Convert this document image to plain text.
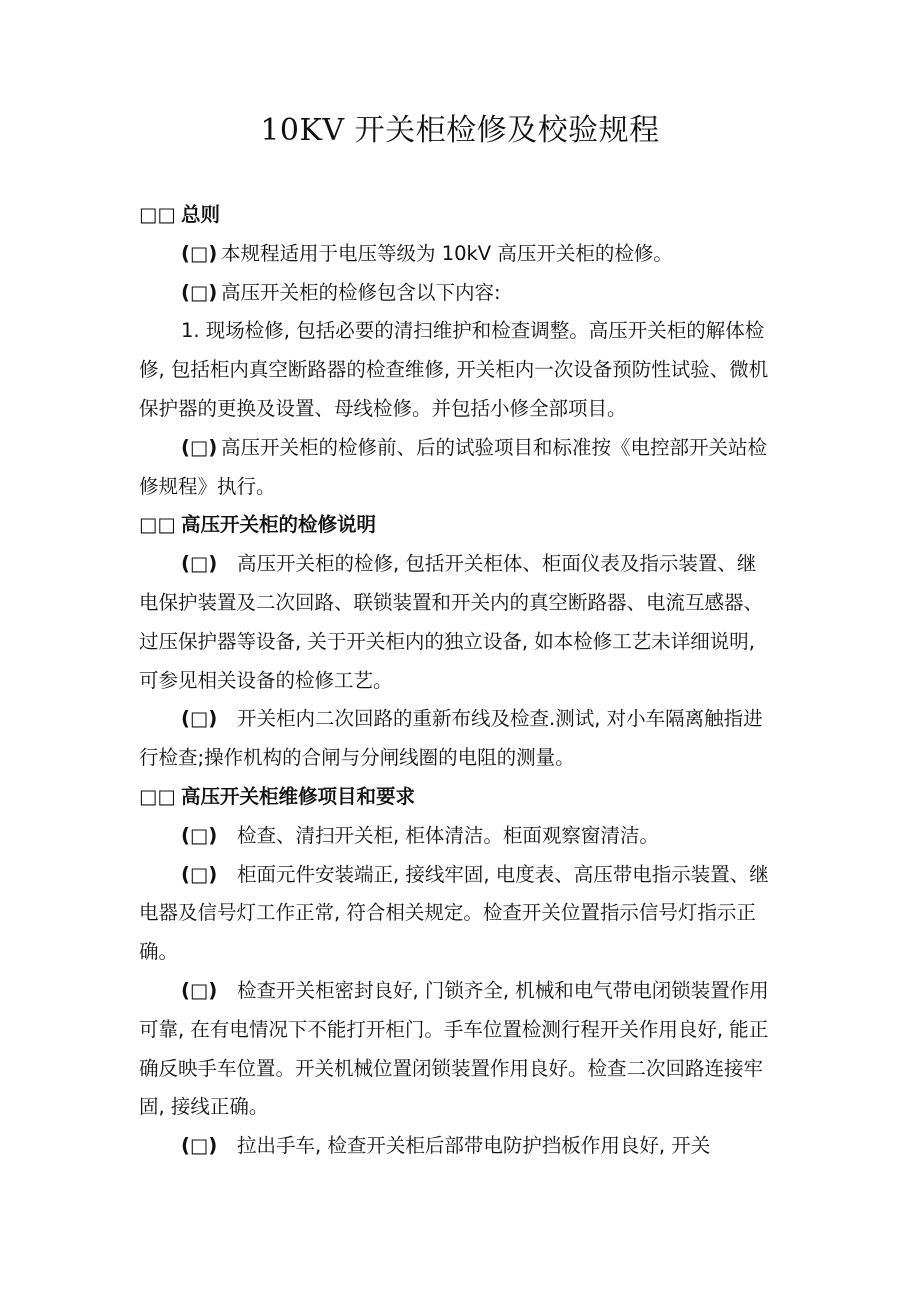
10KV 开关柜检修及校验规程

□□ 总则

(□) 本规程适用于电压等级为 10kV 高压开关柜的检修。

(□) 高压开关柜的检修包含以下内容:

1. 现场检修, 包括必要的清扫维护和检查调整。高压开关柜的解体检修, 包括柜内真空断路器的检查维修, 开关柜内一次设备预防性试验、微机保护器的更换及设置、母线检修。并包括小修全部项目。

(□) 高压开关柜的检修前、后的试验项目和标准按《电控部开关站检修规程》执行。

□□ 高压开关柜的检修说明

(□) 高压开关柜的检修, 包括开关柜体、柜面仪表及指示装置、继电保护装置及二次回路、联锁装置和开关内的真空断路器、电流互感器、过压保护器等设备, 关于开关柜内的独立设备, 如本检修工艺未详细说明, 可参见相关设备的检修工艺。

(□) 开关柜内二次回路的重新布线及检查.测试, 对小车隔离触指进行检查;操作机构的合闸与分闸线圈的电阻的测量。

□□ 高压开关柜维修项目和要求

(□) 检查、清扫开关柜, 柜体清洁。柜面观察窗清洁。

(□) 柜面元件安装端正, 接线牢固, 电度表、高压带电指示装置、继电器及信号灯工作正常, 符合相关规定。检查开关位置指示信号灯指示正确。

(□) 检查开关柜密封良好, 门锁齐全, 机械和电气带电闭锁装置作用可靠, 在有电情况下不能打开柜门。手车位置检测行程开关作用良好, 能正确反映手车位置。开关机械位置闭锁装置作用良好。检查二次回路连接牢固, 接线正确。

(□) 拉出手车, 检查开关柜后部带电防护挡板作用良好, 开关
